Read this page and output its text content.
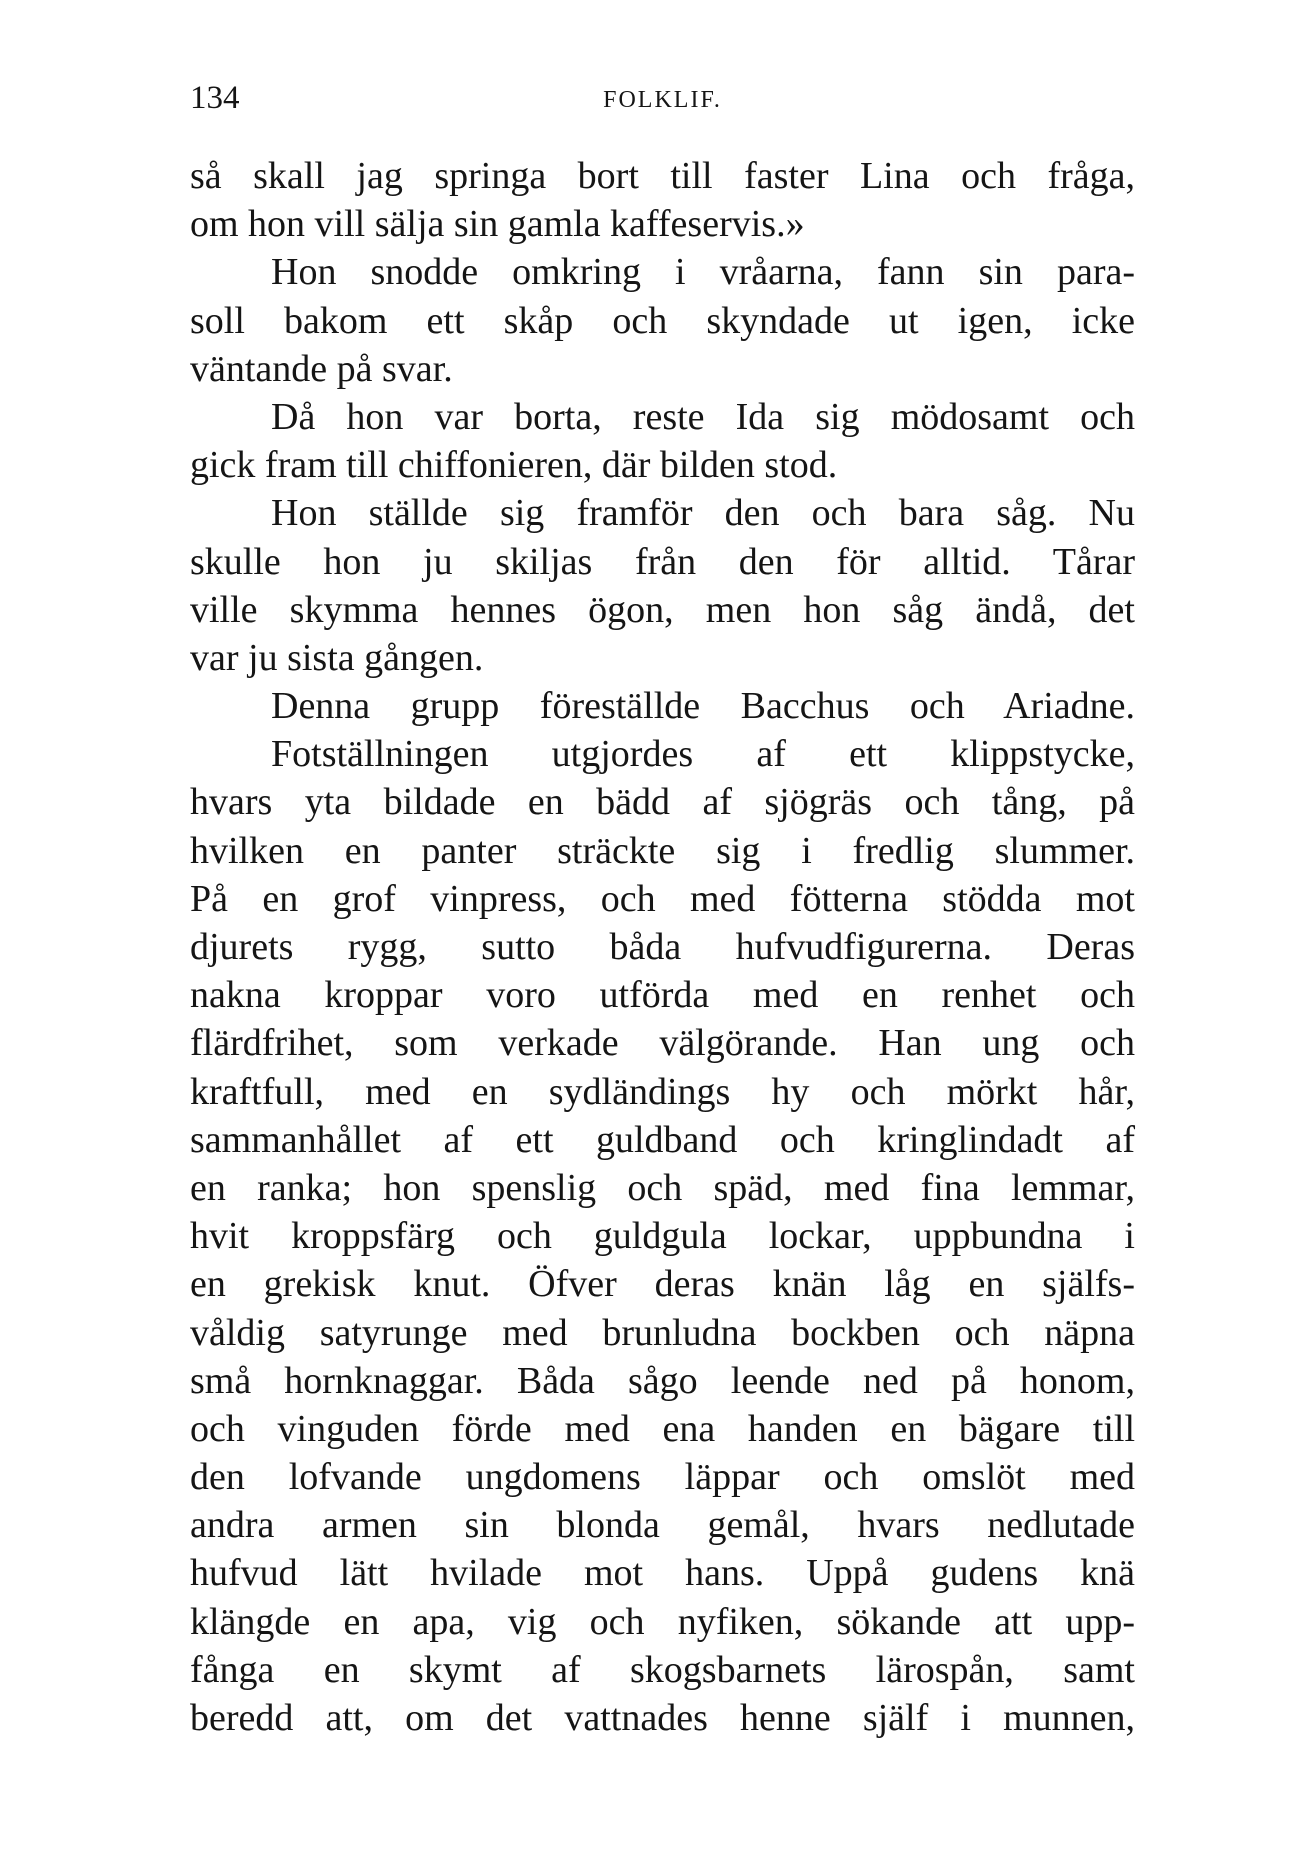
134	FOLKLIF.
så skall jag springa bort till faster Lina och fråga,
om hon vill sälja sin gamla kaffeservis.»
Hon snodde omkring i vråarna, fann sin para-
soll bakom ett skåp och skyndade ut igen, icke
väntande på svar.
Då hon var borta, reste Ida sig mödosamt och
gick fram till chiffonieren, där bilden stod.
Hon ställde sig framför den och bara såg. Nu
skulle hon ju skiljas från den för alltid. Tårar
ville skymma hennes ögon, men hon såg ändå, det
var ju sista gången.
Denna grupp föreställde Bacchus och Ariadne.
Fotställningen utgjordes af ett klippstycke,
hvars yta bildade en bädd af sjögräs och tång, på
hvilken en panter sträckte sig i fredlig slummer.
På en grof vinpress, och med fötterna stödda mot
djurets rygg, sutto båda hufvudfigurerna. Deras
nakna kroppar voro utförda med en renhet och
flärdfrihet, som verkade välgörande. Han ung och
kraftfull, med en sydländings hy och mörkt hår,
sammanhållet af ett guldband och kringlindadt af
en ranka; hon spenslig och späd, med fina lemmar,
hvit kroppsfärg och guldgula lockar, uppbundna i
en grekisk knut. Öfver deras knän låg en själfs-
våldig satyrunge med brunludna bockben och näpna
små hornknaggar. Båda sågo leende ned på honom,
och vinguden förde med ena handen en bägare till
den lofvande ungdomens läppar och omslöt med
andra armen sin blonda gemål, hvars nedlutade
hufvud lätt hvilade mot hans. Uppå gudens knä
klängde en apa, vig och nyfiken, sökande att upp-
fånga en skymt af skogsbarnets lärospån, samt
beredd att, om det vattnades henne själf i munnen,
